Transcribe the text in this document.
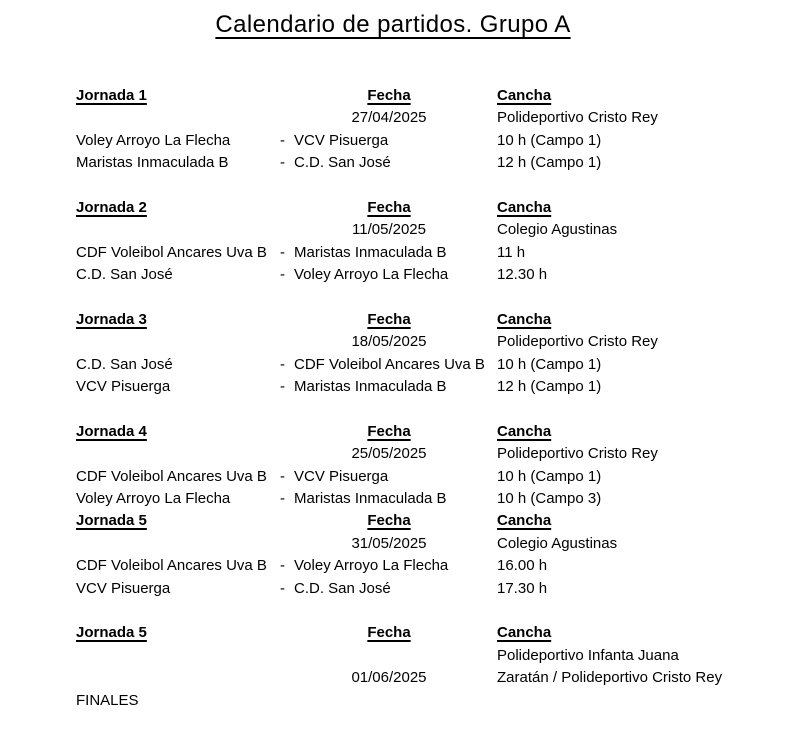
Calendario de partidos. Grupo A
Jornada 1	Fecha	Cancha
27/04/2025	Polideportivo Cristo Rey
Voley Arroyo La Flecha	- VCV Pisuerga	10 h (Campo 1)
Maristas Inmaculada B	- C.D. San José	12 h (Campo 1)
Jornada 2	Fecha	Cancha
11/05/2025	Colegio Agustinas
CDF Voleibol Ancares Uva B - Maristas Inmaculada B	11 h
C.D. San José	- Voley Arroyo La Flecha	12.30 h
Jornada 3	Fecha	Cancha
18/05/2025	Polideportivo Cristo Rey
C.D. San José	- CDF Voleibol Ancares Uva B 10 h (Campo 1)
VCV Pisuerga	- Maristas Inmaculada B	12 h (Campo 1)
Jornada 4	Fecha	Cancha
25/05/2025	Polideportivo Cristo Rey
CDF Voleibol Ancares Uva B - VCV Pisuerga	10 h (Campo 1)
Voley Arroyo La Flecha	- Maristas Inmaculada B	10 h (Campo 3)
Jornada 5	Fecha	Cancha
31/05/2025	Colegio Agustinas
CDF Voleibol Ancares Uva B - Voley Arroyo La Flecha	16.00 h
VCV Pisuerga	- C.D. San José	17.30 h
Jornada 5	Fecha	Cancha
Polideportivo Infanta Juana
01/06/2025	Zaratán / Polideportivo Cristo Rey
FINALES
